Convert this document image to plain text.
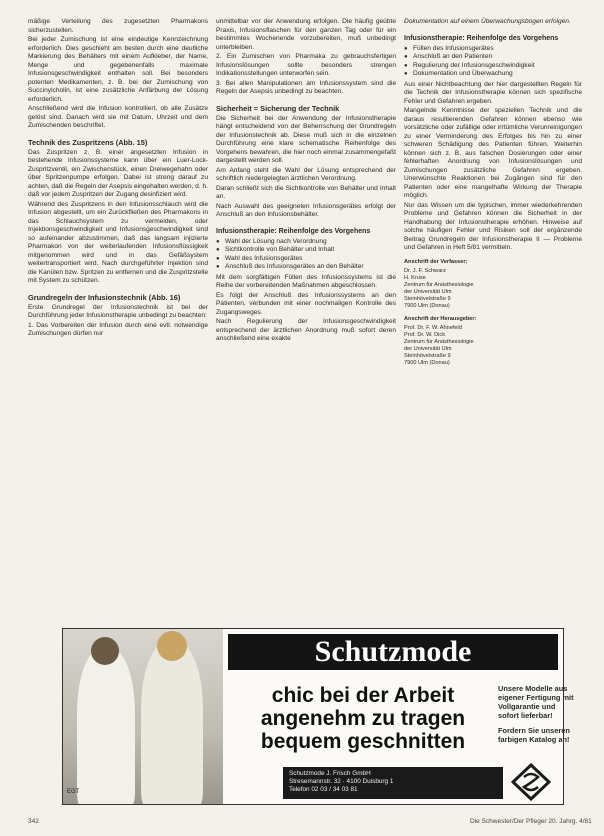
mäßige Verteilung des zugesetzten Pharmakons sicherzustellen.

Bei jeder Zumischung ist eine eindeutige Kennzeichnung erforderlich. Dies geschieht am besten durch eine deutliche Markierung des Behälters mit einem Aufkleber, der Name, Menge und gegebenenfalls maximale Infusionsgeschwindigkeit enthalten soll. Bei besonders potenten Medikamenten, z. B. bei der Zumischung von Succinylcholin, ist eine zusätzliche Anfärbung der Lösung erforderlich.

Anschließend wird die Infusion kontrolliert, ob alle Zusätze gelöst sind. Danach wird sie mit Datum, Uhrzeit und dem Zumischenden beschriftet.

Technik des Zuspritzens (Abb. 15)

Das Zuspritzen z. B. einer angesetzten Infusion in bestehende Infusionssysteme kann über ein Luer-Lock-Zuspritzventil, ein Zwischenstück, einen Dreiwegehahn oder über Spritzenpumpe erfolgen. Dabei ist streng darauf zu achten, daß die Regeln der Asepsis eingehalten werden, d. h. daß vor jedem Zuspritzen der Zugang desinfiziert wird.

Während des Zuspritzens in den Infusionsschlauch wird die Infusion abgestellt, um ein Zurückfließen des Pharmakons in das Schlauchsystem zu vermeiden, oder Injektionsgeschwindigkeit und Infusionsgeschwindigkeit sind so aufeinander abzustimmen, daß das langsam injizierte Pharmakon von der weiterlaufenden Infusionsflüssigkeit mitgenommen wird und in das Gefäßsystem weitertransportiert wird. Nach durchgeführter Injektion sind die Kanülen bzw. Spritzen zu entfernen und die Zuspritzstelle mit System zu schützen.

Grundregeln der Infusionstechnik (Abb. 16)

Erste Grundregel der Infusionstechnik ist bei der Durchführung jeder Infusionstherapie unbedingt zu beachten:

1. Das Vorbereiten der Infusion durch eine evtl. notwendige Zumischungen dürfen nur

unmittelbar vor der Anwendung erfolgen. Die häufig geübte Praxis, Infusionsflaschen für den ganzen Tag oder für ein bestimmtes Wochenende vorzubereiten, muß unbedingt unterbleiben.

2. Ein Zumischen von Pharmaka zu gebrauchsfertigen Infusionslösungen sollte besonders strengen Indikationsstellungen unterworfen sein.

3. Bei allen Manipulationen am Infusionssystem sind die Regeln der Asepsis unbedingt zu beachten.

Sicherheit = Sicherung der Technik

Die Sicherheit bei der Anwendung der Infusionstherapie hängt entscheidend von der Beherrschung der Grundregeln der Infusionstechnik ab. Diese muß sich in die einzelnen Durchführung eine klare schematische Reihenfolge des Vorgehens bewahren, die hier noch einmal zusammengefaßt dargestellt werden soll.

Am Anfang steht die Wahl der Lösung entsprechend der schriftlich niedergelegten ärztlichen Verordnung.

Daran schließt sich die Sichtkontrolle von Behälter und Inhalt an.

Nach Auswahl des geeigneten Infusionsgerätes erfolgt der Anschluß an den Infusionsbehälter.

Infusionstherapie: Reihenfolge des Vorgehens
● Wahl der Lösung nach Verordnung
● Sichtkontrolle von Behälter und Inhalt
● Wahl des Infusionsgerätes
● Anschluß des Infusionsgerätes an den Behälter

Mit dem sorgfältigen Füllen des Infusionssystems ist die Reihe der vorbereitenden Maßnahmen abgeschlossen.

Es folgt der Anschluß des Infusionssystems an den Patienten, verbunden mit einer nochmaligen Kontrolle des Zugangsweges.

Nach Regulierung der Infusionsgeschwindigkeit entsprechend der ärztlichen Anordnung muß sofort deren anschließend eine exakte

Dokumentation auf einem Überwachungsbogen erfolgen.

Infusionstherapie: Reihenfolge des Vorgehens
● Füllen des Infusionsgerätes
● Anschluß an den Patienten
● Regulierung der Infusionsgeschwindigkeit
● Dokumentation und Überwachung

Aus einer Nichtbeachtung der hier dargestellten Regeln für die Technik der Infusionstherapie können sich spezifische Fehler und Gefahren ergeben.

Mangelnde Kenntnisse der speziellen Technik und die daraus resultierenden Gefahren können ebenso wie vorsätzliche oder zufällige oder irrtümliche Verunreinigungen zu einer Verminderung des Erfolges bis hin zu einer schweren Schädigung des Patienten führen. Weiterhin können sich z. B. aus falschen Dosierungen oder einer fehlerhaften Anordnung von Infusionslösungen und Zumischungen zusätzliche Gefahren ergeben. Unerwünschte Reaktionen bei Zugängen sind für den Patienten oder eine mangelhafte Wirkung der Therapie möglich.

Nur das Wissen um die typischen, immer wiederkehrenden Probleme und Gefahren können die Sicherheit in der Handhabung der Infusionstherapie erhöhen. Hinweise auf solche häufigen Fehler und Risiken soll der ergänzende Beitrag Grundregeln der Infusionstherapie II — Probleme und Gefahren in Heft 5/81 vermitteln.

Anschrift der Verfasser:
Dr. J. F. Schwarz
H. Kruse
Zentrum für Anästhesiologie
der Universität Ulm
Steinhövelstraße 9
7900 Ulm (Donau)
Anschrift der Herausgeber:
Prof. Dr. F. W. Ahnefeld
Prof. Dr. W. Dick
Zentrum für Anästhesiologie
der Universität Ulm
Steinhövelstraße 9
7900 Ulm (Donau)
EGT
Schutzmode
chic bei der Arbeit angenehm zu tragen bequem geschnitten

Unsere Modelle aus eigener Fertigung mit Vollgarantie und sofort lieferbar!

Fordern Sie unseren farbigen Katalog an!

Schutzmode J. Frisch GmbH
Stresemannstr. 32 · 4100 Duisburg 1
Telefon 02 03 / 34 03 81
342	Die Schwester/Der Pfleger 20. Jahrg. 4/81
